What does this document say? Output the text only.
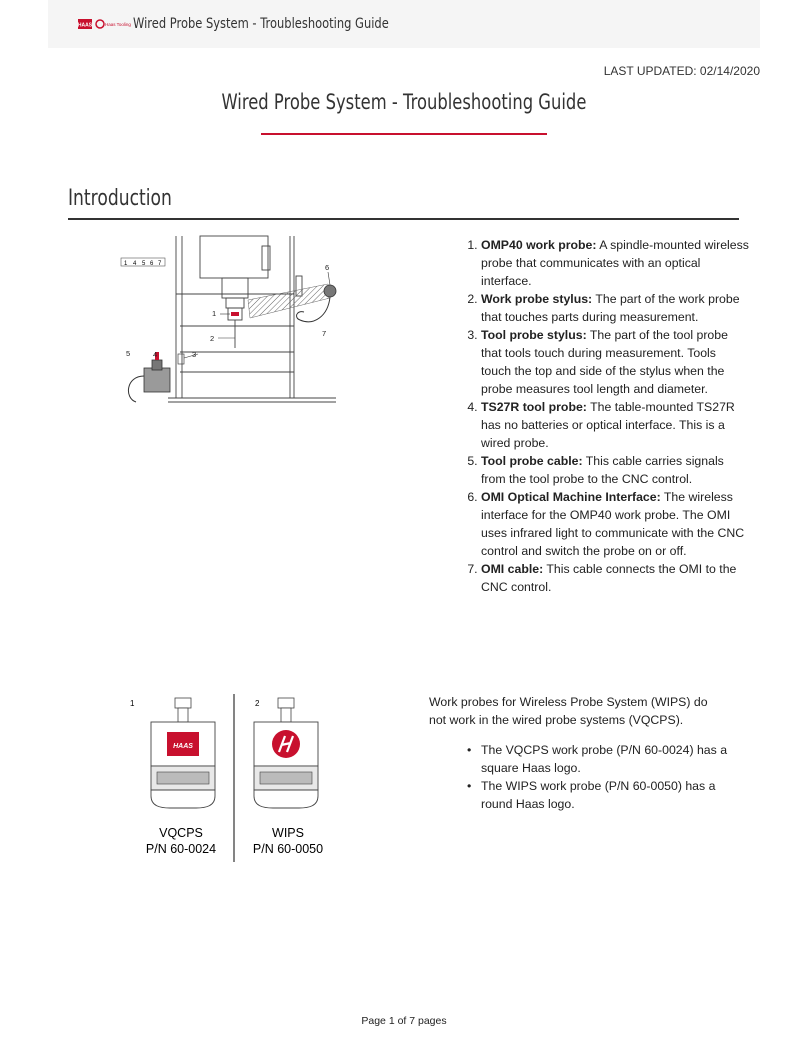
HAAS	Haas Tooling Wired Probe System - Troubleshooting Guide
LAST UPDATED: 02/14/2020
Wired Probe System - Troubleshooting Guide
Introduction
1 4 5 6 7
1
2
3
4
5
6
7
1. OMP40 work probe: A spindle-mounted wireless probe that communicates with an optical interface.
2. Work probe stylus: The part of the work probe that touches parts during measurement.
3. Tool probe stylus: The part of the tool probe that tools touch during measurement. Tools touch the top and side of the stylus when the probe measures tool length and diameter.
4. TS27R tool probe: The table-mounted TS27R has no batteries or optical interface. This is a wired probe.
5. Tool probe cable: This cable carries signals from the tool probe to the CNC control.
6. OMI Optical Machine Interface: The wireless interface for the OMP40 work probe. The OMI uses infrared light to communicate with the CNC control and switch the probe on or off.
7. OMI cable: This cable connects the OMI to the CNC control.
1	2
HAAS
VQCPS
P/N 60-0024
WIPS
P/N 60-0050

Work probes for Wireless Probe System (WIPS) do not work in the wired probe systems (VQCPS).

• The VQCPS work probe (P/N 60-0024) has a square Haas logo.
• The WIPS work probe (P/N 60-0050) has a round Haas logo.
Page 1 of 7 pages
